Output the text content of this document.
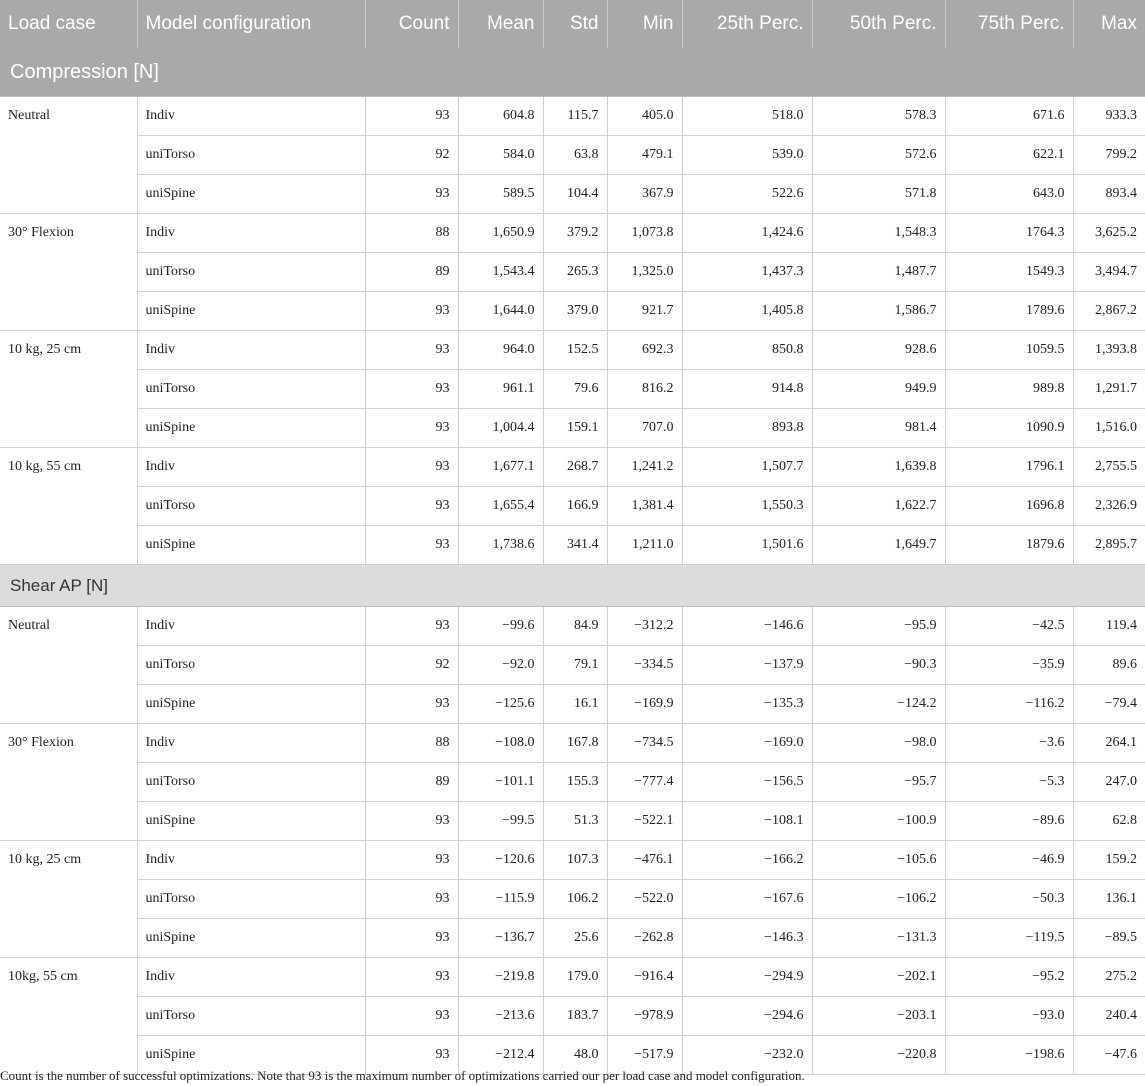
Compression [N]									
Load case	Model configuration	Count	Mean	Std	Min	25th Perc.	50th Perc.	75th Perc.	Max
Neutral	Indiv	93	604.8	115.7	405.0	518.0	578.3	671.6	933.3
	uniTorso	92	584.0	63.8	479.1	539.0	572.6	622.1	799.2
	uniSpine	93	589.5	104.4	367.9	522.6	571.8	643.0	893.4
30° Flexion	Indiv	88	1,650.9	379.2	1,073.8	1,424.6	1,548.3	1764.3	3,625.2
	uniTorso	89	1,543.4	265.3	1,325.0	1,437.3	1,487.7	1549.3	3,494.7
	uniSpine	93	1,644.0	379.0	921.7	1,405.8	1,586.7	1789.6	2,867.2
10 kg, 25 cm	Indiv	93	964.0	152.5	692.3	850.8	928.6	1059.5	1,393.8
	uniTorso	93	961.1	79.6	816.2	914.8	949.9	989.8	1,291.7
	uniSpine	93	1,004.4	159.1	707.0	893.8	981.4	1090.9	1,516.0
10 kg, 55 cm	Indiv	93	1,677.1	268.7	1,241.2	1,507.7	1,639.8	1796.1	2,755.5
	uniTorso	93	1,655.4	166.9	1,381.4	1,550.3	1,622.7	1696.8	2,326.9
	uniSpine	93	1,738.6	341.4	1,211.0	1,501.6	1,649.7	1879.6	2,895.7
Shear AP [N]									
Neutral	Indiv	93	−99.6	84.9	−312.2	−146.6	−95.9	−42.5	119.4
	uniTorso	92	−92.0	79.1	−334.5	−137.9	−90.3	−35.9	89.6
	uniSpine	93	−125.6	16.1	−169.9	−135.3	−124.2	−116.2	−79.4
30° Flexion	Indiv	88	−108.0	167.8	−734.5	−169.0	−98.0	−3.6	264.1
	uniTorso	89	−101.1	155.3	−777.4	−156.5	−95.7	−5.3	247.0
	uniSpine	93	−99.5	51.3	−522.1	−108.1	−100.9	−89.6	62.8
10 kg, 25 cm	Indiv	93	−120.6	107.3	−476.1	−166.2	−105.6	−46.9	159.2
	uniTorso	93	−115.9	106.2	−522.0	−167.6	−106.2	−50.3	136.1
	uniSpine	93	−136.7	25.6	−262.8	−146.3	−131.3	−119.5	−89.5
10kg, 55 cm	Indiv	93	−219.8	179.0	−916.4	−294.9	−202.1	−95.2	275.2
	uniTorso	93	−213.6	183.7	−978.9	−294.6	−203.1	−93.0	240.4
	uniSpine	93	−212.4	48.0	−517.9	−232.0	−220.8	−198.6	−47.6
Count is the number of successful optimizations. Note that 93 is the maximum number of optimizations carried our per load case and model configuration.
